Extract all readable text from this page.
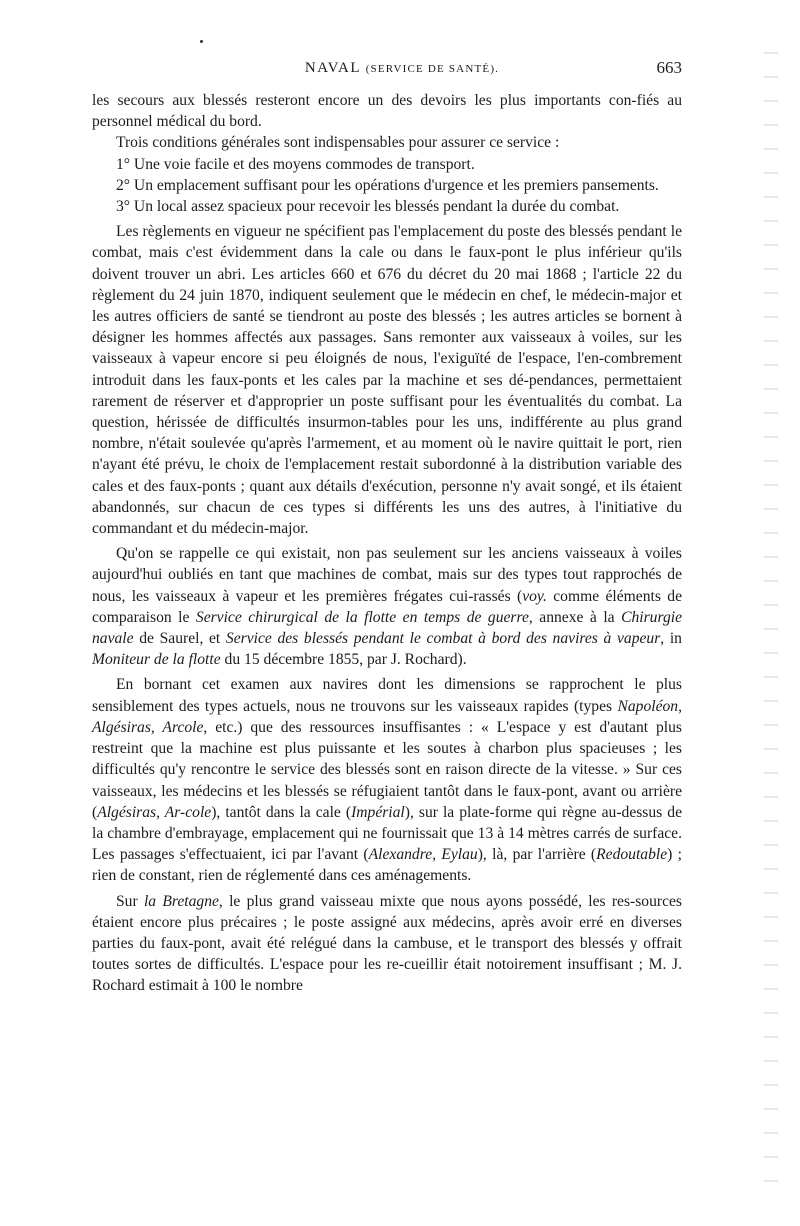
NAVAL (SERVICE DE SANTÉ).	663

les secours aux blessés resteront encore un des devoirs les plus importants con-fiés au personnel médical du bord.

Trois conditions générales sont indispensables pour assurer ce service :

1° Une voie facile et des moyens commodes de transport.

2° Un emplacement suffisant pour les opérations d'urgence et les premiers pansements.

3° Un local assez spacieux pour recevoir les blessés pendant la durée du combat.

Les règlements en vigueur ne spécifient pas l'emplacement du poste des blessés pendant le combat, mais c'est évidemment dans la cale ou dans le faux-pont le plus inférieur qu'ils doivent trouver un abri. Les articles 660 et 676 du décret du 20 mai 1868 ; l'article 22 du règlement du 24 juin 1870, indiquent seulement que le médecin en chef, le médecin-major et les autres officiers de santé se tiendront au poste des blessés ; les autres articles se bornent à désigner les hommes affectés aux passages. Sans remonter aux vaisseaux à voiles, sur les vaisseaux à vapeur encore si peu éloignés de nous, l'exiguïté de l'espace, l'en-combrement introduit dans les faux-ponts et les cales par la machine et ses dé-pendances, permettaient rarement de réserver et d'approprier un poste suffisant pour les éventualités du combat. La question, hérissée de difficultés insurmon-tables pour les uns, indifférente au plus grand nombre, n'était soulevée qu'après l'armement, et au moment où le navire quittait le port, rien n'ayant été prévu, le choix de l'emplacement restait subordonné à la distribution variable des cales et des faux-ponts ; quant aux détails d'exécution, personne n'y avait songé, et ils étaient abandonnés, sur chacun de ces types si différents les uns des autres, à l'initiative du commandant et du médecin-major.

Qu'on se rappelle ce qui existait, non pas seulement sur les anciens vaisseaux à voiles aujourd'hui oubliés en tant que machines de combat, mais sur des types tout rapprochés de nous, les vaisseaux à vapeur et les premières frégates cui-rassés (voy. comme éléments de comparaison le Service chirurgical de la flotte en temps de guerre, annexe à la Chirurgie navale de Saurel, et Service des blessés pendant le combat à bord des navires à vapeur, in Moniteur de la flotte du 15 décembre 1855, par J. Rochard).

En bornant cet examen aux navires dont les dimensions se rapprochent le plus sensiblement des types actuels, nous ne trouvons sur les vaisseaux rapides (types Napoléon, Algésiras, Arcole, etc.) que des ressources insuffisantes : « L'espace y est d'autant plus restreint que la machine est plus puissante et les soutes à charbon plus spacieuses ; les difficultés qu'y rencontre le service des blessés sont en raison directe de la vitesse. » Sur ces vaisseaux, les médecins et les blessés se réfugiaient tantôt dans le faux-pont, avant ou arrière (Algésiras, Ar-cole), tantôt dans la cale (Impérial), sur la plate-forme qui règne au-dessus de la chambre d'embrayage, emplacement qui ne fournissait que 13 à 14 mètres carrés de surface. Les passages s'effectuaient, ici par l'avant (Alexandre, Eylau), là, par l'arrière (Redoutable) ; rien de constant, rien de réglementé dans ces aménagements.

Sur la Bretagne, le plus grand vaisseau mixte que nous ayons possédé, les res-sources étaient encore plus précaires ; le poste assigné aux médecins, après avoir erré en diverses parties du faux-pont, avait été relégué dans la cambuse, et le transport des blessés y offrait toutes sortes de difficultés. L'espace pour les re-cueillir était notoirement insuffisant ; M. J. Rochard estimait à 100 le nombre
